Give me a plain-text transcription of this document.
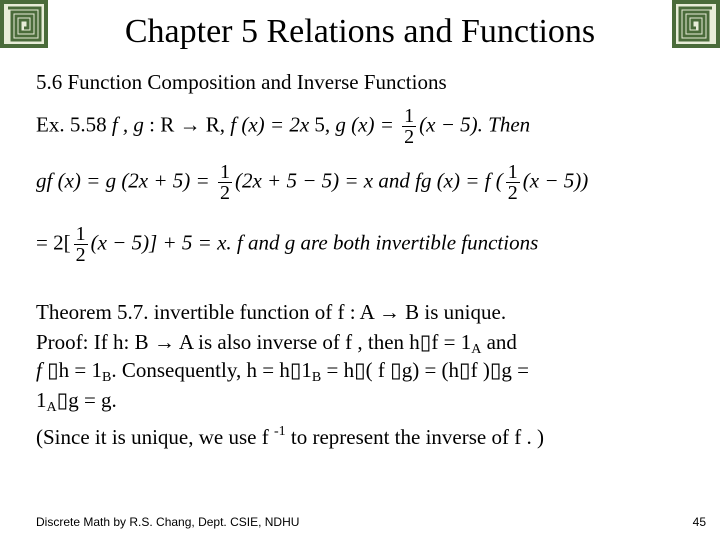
Chapter 5 Relations and Functions
5.6 Function Composition and Inverse Functions
Ex. 5.58 f , g : R → R, f (x) = 2x 5, g $(x) = \frac{1}{2} (x - 5)$. Then
gf (x) = g $(2x + 5) = \frac{1}{2} (2x + 5 - 5) = x$ and fg (x) = f ( $\frac{1}{2} (x - 5)$)
= $2[ \frac{1}{2} (x - 5)] + 5 = x$. f and g are both invertible functions
Theorem 5.7. invertible function of f : A → B is unique.
Proof: If h: B → A is also inverse of f , then h▯f = $1_A$ and
f ▯h = $1_B$. Consequently, $h = h▯1_B$ = h▯( f ▯g) = (h▯f )▯g =
$1_A▯g = g$.
(Since it is unique, we use f $^{-1}$ to represent the inverse of f . )
Discrete Math by R.S. Chang, Dept. CSIE, NDHU	45
